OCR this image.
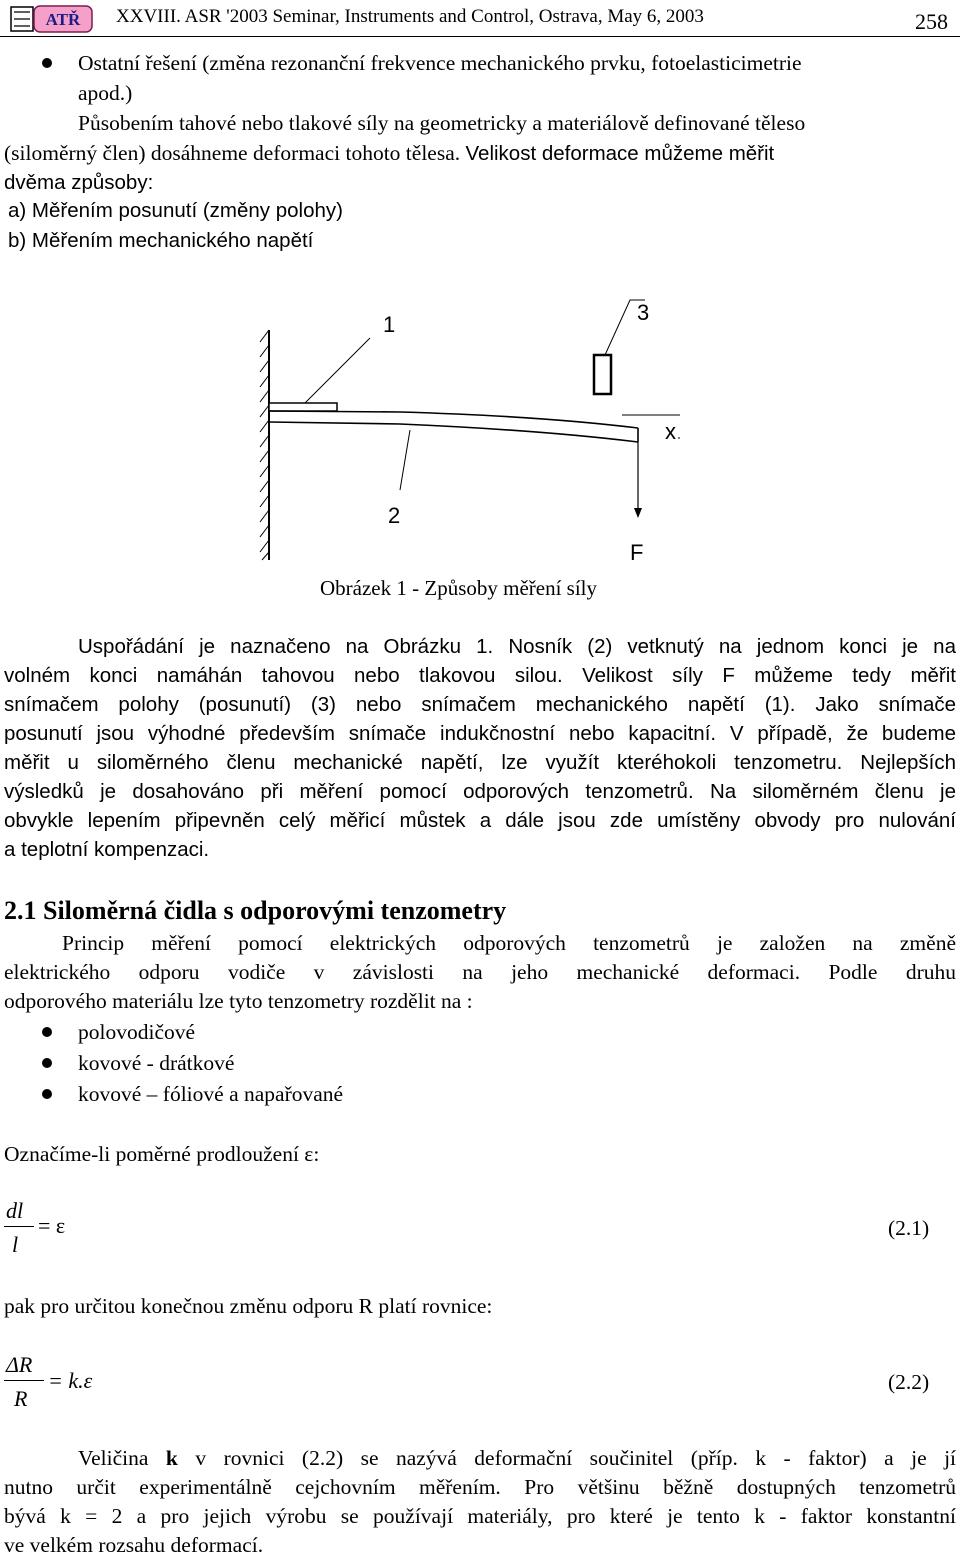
ATŘ XXVIII. ASR '2003 Seminar, Instruments and Control, Ostrava, May 6, 2003	258
Ostatní řešení (změna rezonanční frekvence mechanického prvku, fotoelasticimetrie
apod.)
Působením tahové nebo tlakové síly na geometricky a materiálově definované těleso
(siloměrný člen) dosáhneme deformaci tohoto tělesa. Velikost deformace můžeme měřit
dvěma způsoby:
a) Měřením posunutí (změny polohy)
b) Měřením mechanického napětí
1
2
3
x
F
Obrázek 1 - Způsoby měření síly
Uspořádání je naznačeno na Obrázku 1. Nosník (2) vetknutý na jednom konci je na
volném konci namáhán tahovou nebo tlakovou silou. Velikost síly F můžeme tedy měřit
snímačem polohy (posunutí) (3) nebo snímačem mechanického napětí (1). Jako snímače
posunutí jsou výhodné především snímače indukčnostní nebo kapacitní. V případě, že budeme
měřit u siloměrného členu mechanické napětí, lze využít kteréhokoli tenzometru. Nejlepších
výsledků je dosahováno při měření pomocí odporových tenzometrů. Na siloměrném členu je
obvykle lepením připevněn celý měřicí můstek a dále jsou zde umístěny obvody pro nulování
a teplotní kompenzaci.
2.1 Siloměrná čidla s odporovými tenzometry
Princip měření pomocí elektrických odporových tenzometrů je založen na změně
elektrického odporu vodiče v závislosti na jeho mechanické deformaci. Podle druhu
odporového materiálu lze tyto tenzometry rozdělit na :
polovodičové
kovové - drátkové
kovové – fóliové a napařované
Označíme-li poměrné prodloužení ε:
dl
l
= ε	(2.1)
pak pro určitou konečnou změnu odporu R platí rovnice:
ΔR
R
= k.ε	(2.2)
Veličina k v rovnici (2.2) se nazývá deformační součinitel (příp. k - faktor) a je jí
nutno určit experimentálně cejchovním měřením. Pro většinu běžně dostupných tenzometrů
bývá k = 2 a pro jejich výrobu se používají materiály, pro které je tento k - faktor konstantní
ve velkém rozsahu deformací.
